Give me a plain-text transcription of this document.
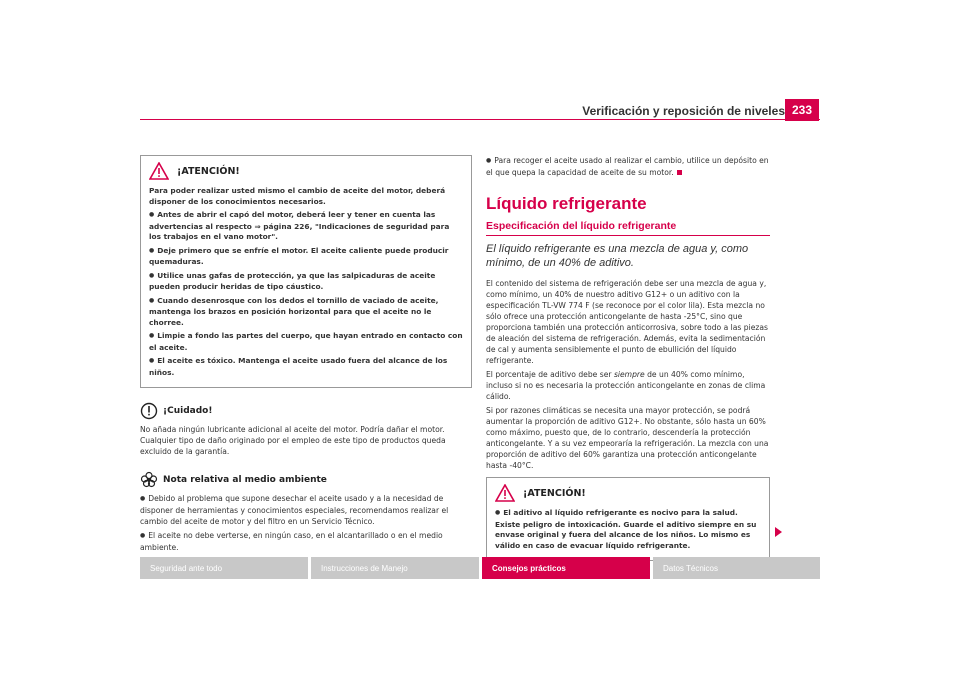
Verificación y reposición de niveles 233
¡ATENCIÓN!

Para poder realizar usted mismo el cambio de aceite del motor, deberá disponer de los conocimientos necesarios.

● Antes de abrir el capó del motor, deberá leer y tener en cuenta las advertencias al respecto ⇒ página 226, "Indicaciones de seguridad para los trabajos en el vano motor".

● Deje primero que se enfríe el motor. El aceite caliente puede producir quemaduras.

● Utilice unas gafas de protección, ya que las salpicaduras de aceite pueden producir heridas de tipo cáustico.

● Cuando desenrosque con los dedos el tornillo de vaciado de aceite, mantenga los brazos en posición horizontal para que el aceite no le chorree.

● Limpie a fondo las partes del cuerpo, que hayan entrado en contacto con el aceite.

● El aceite es tóxico. Mantenga el aceite usado fuera del alcance de los niños.

¡Cuidado!

No añada ningún lubricante adicional al aceite del motor. Podría dañar el motor. Cualquier tipo de daño originado por el empleo de este tipo de productos queda excluido de la garantía.

Nota relativa al medio ambiente

● Debido al problema que supone desechar el aceite usado y a la necesidad de disponer de herramientas y conocimientos especiales, recomendamos realizar el cambio del aceite de motor y del filtro en un Servicio Técnico.

● El aceite no debe verterse, en ningún caso, en el alcantarillado o en el medio ambiente.

● Para recoger el aceite usado al realizar el cambio, utilice un depósito en el que quepa la capacidad de aceite de su motor.

Líquido refrigerante
Especificación del líquido refrigerante

El líquido refrigerante es una mezcla de agua y, como mínimo, de un 40% de aditivo.

El contenido del sistema de refrigeración debe ser una mezcla de agua y, como mínimo, un 40% de nuestro aditivo G12+ o un aditivo con la especificación TL-VW 774 F (se reconoce por el color lila). Esta mezcla no sólo ofrece una protección anticongelante de hasta -25°C, sino que proporciona también una protección anticorrosiva, sobre todo a las piezas de aleación del sistema de refrigeración. Además, evita la sedimentación de cal y aumenta sensiblemente el punto de ebullición del líquido refrigerante.

El porcentaje de aditivo debe ser siempre de un 40% como mínimo, incluso si no es necesaria la protección anticongelante en zonas de clima cálido.

Si por razones climáticas se necesita una mayor protección, se podrá aumentar la proporción de aditivo G12+. No obstante, sólo hasta un 60% como máximo, puesto que, de lo contrario, descendería la protección anticongelante. Y a su vez empeoraría la refrigeración. La mezcla con una proporción de aditivo del 60% garantiza una protección anticongelante hasta -40°C.

¡ATENCIÓN!

● El aditivo al líquido refrigerante es nocivo para la salud. Existe peligro de intoxicación. Guarde el aditivo siempre en su envase original y fuera del alcance de los niños. Lo mismo es válido en caso de evacuar líquido refrigerante.

Seguridad ante todo	Instrucciones de Manejo	Consejos prácticos	Datos Técnicos
